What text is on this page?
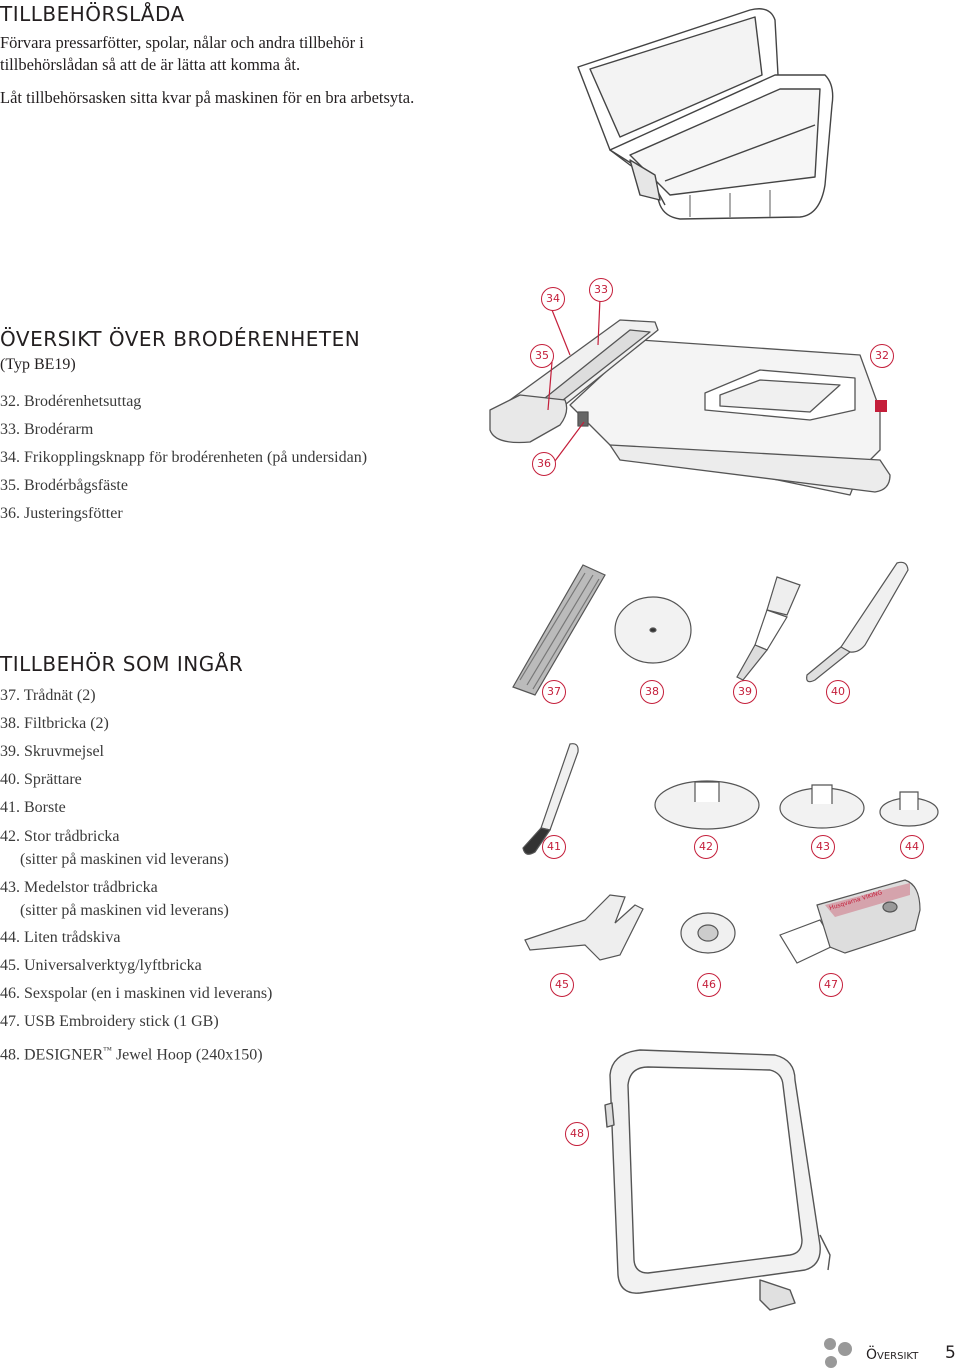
TILLBEHÖRSLÅDA

Förvara pressarfötter, spolar, nålar och andra tillbehör i tillbehörslådan så att de är lätta att komma åt.

Låt tillbehörsasken sitta kvar på maskinen för en bra arbetsyta.

ÖVERSIKT ÖVER BRODÉRENHETEN

(Typ BE19)

32. Brodérenhetsuttag
33. Brodérarm
34. Frikopplingsknapp för brodérenheten (på undersidan)
35. Brodérbågsfäste
36. Justeringsfötter
34
33
35	32
36
TILLBEHÖR SOM INGÅR
37. Trådnät (2)
38. Filtbricka (2)
39. Skruvmejsel
40. Sprättare
41. Borste
42. Stor trådbricka
(sitter på maskinen vid leverans)
43. Medelstor trådbricka
(sitter på maskinen vid leverans)
44. Liten trådskiva
45. Universalverktyg/lyftbricka
46. Sexspolar (en i maskinen vid leverans)
47. USB Embroidery stick (1 GB)
48. DESIGNER™ Jewel Hoop (240x150)
37	38	39	40
41	42	43	44
Husqvarna VIKING
45	46	47
48
Översikt 5
